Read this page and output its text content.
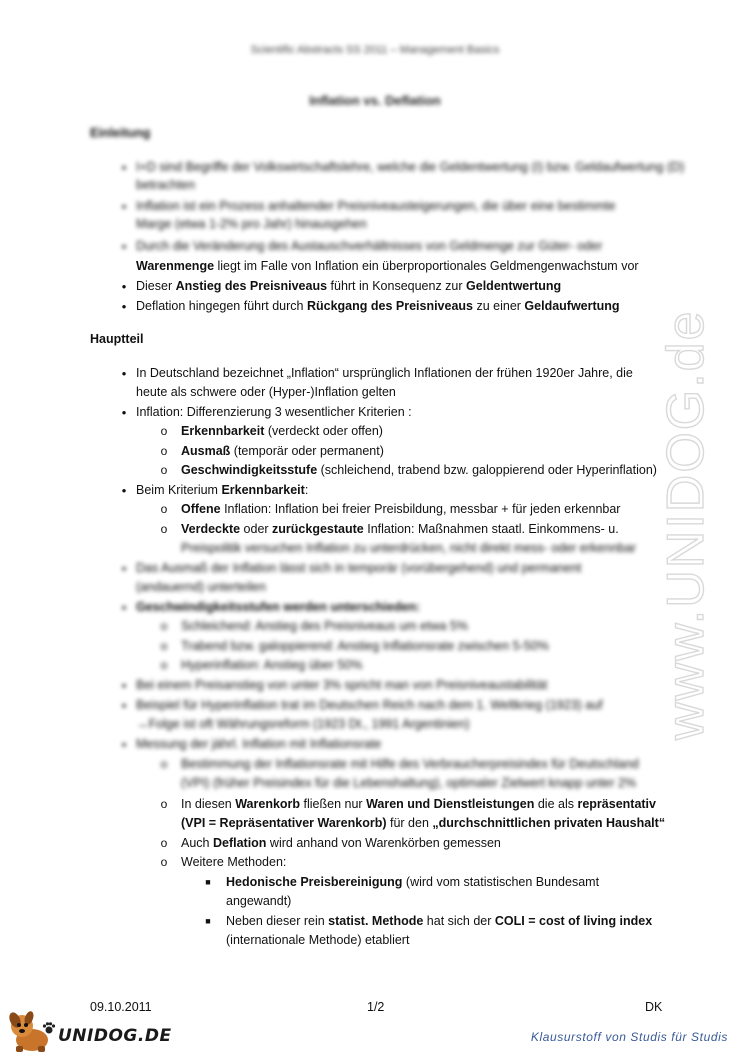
Scientific Abstracts SS 2011 – Management Basics
Inflation vs. Deflation
Einleitung
• I+D sind Begriffe der Volkswirtschaftslehre, welche die Geldentwertung (I) bzw. Geldaufwertung (D)
betrachten
• Inflation ist ein Prozess anhaltender Preisniveausteigerungen, die über eine bestimmte
Marge (etwa 1-2% pro Jahr) hinausgehen
• Durch die Veränderung des Austauschverhältnisses von Geldmenge zur Güter- oder
Warenmenge liegt im Falle von Inflation ein überproportionales Geldmengenwachstum vor
• Dieser Anstieg des Preisniveaus führt in Konsequenz zur Geldentwertung
• Deflation hingegen führt durch Rückgang des Preisniveaus zu einer Geldaufwertung
Hauptteil
• In Deutschland bezeichnet „Inflation“ ursprünglich Inflationen der frühen 1920er Jahre, die
heute als schwere oder (Hyper-)Inflation gelten
• Inflation: Differenzierung 3 wesentlicher Kriterien :
o Erkennbarkeit (verdeckt oder offen)
o Ausmaß (temporär oder permanent)
o Geschwindigkeitsstufe (schleichend, trabend bzw. galoppierend oder Hyperinflation)
• Beim Kriterium Erkennbarkeit:
o Offene Inflation: Inflation bei freier Preisbildung, messbar + für jeden erkennbar
o Verdeckte oder zurückgestaute Inflation: Maßnahmen staatl. Einkommens- u.
Preispolitik versuchen Inflation zu unterdrücken, nicht direkt mess- oder erkennbar
• Das Ausmaß der Inflation lässt sich in temporär (vorübergehend) und permanent
(andauernd) unterteilen
• Geschwindigkeitsstufen werden unterschieden:
o Schleichend: Anstieg des Preisniveaus um etwa 5%
o Trabend bzw. galoppierend: Anstieg Inflationsrate zwischen 5-50%
o Hyperinflation: Anstieg über 50%
• Bei einem Preisanstieg von unter 3% spricht man von Preisniveaustabilität
• Beispiel für Hyperinflation trat im Deutschen Reich nach dem 1. Weltkrieg (1923) auf
→Folge ist oft Währungsreform (1923 Dt., 1991 Argentinien)
• Messung der jährl. Inflation mit Inflationsrate
o Bestimmung der Inflationsrate mit Hilfe des Verbraucherpreisindex für Deutschland
(VPI) (früher Preisindex für die Lebenshaltung), optimaler Zielwert knapp unter 2%
o In diesen Warenkorb fließen nur Waren und Dienstleistungen die als repräsentativ
(VPI = Repräsentativer Warenkorb) für den „durchschnittlichen privaten Haushalt“
o Auch Deflation wird anhand von Warenkörben gemessen
o Weitere Methoden:
■ Hedonische Preisbereinigung (wird vom statistischen Bundesamt
angewandt)
■ Neben dieser rein statist. Methode hat sich der COLI = cost of living index
(internationale Methode) etabliert
www.UNIDOG.de
09.10.2011	1/2	DK
UNIDOG.DE	Klausurstoff von Studis für Studis
